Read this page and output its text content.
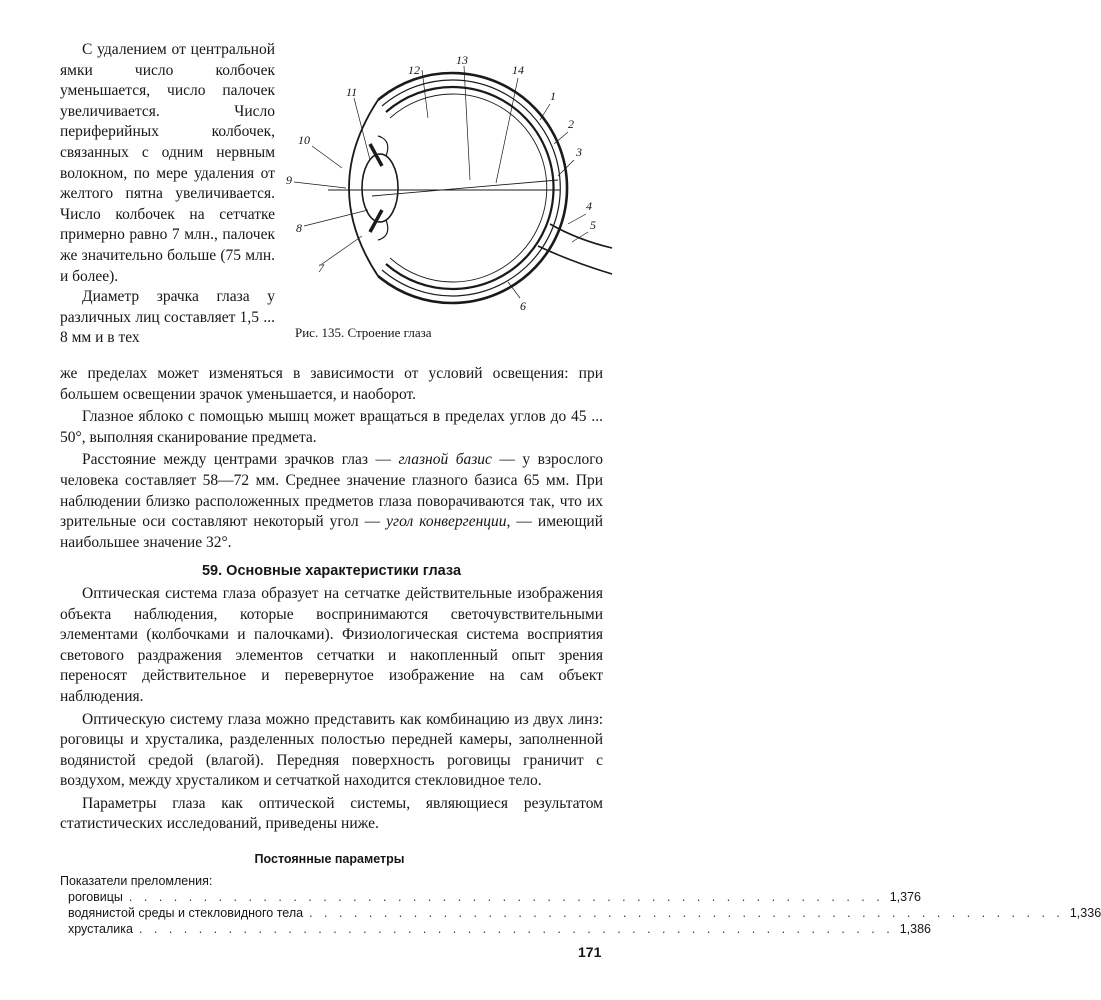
С удалением от центральной ямки число колбочек уменьшается, число палочек увеличивается. Число периферийных колбочек, связанных с одним нервным волокном, по мере удаления от желтого пятна увеличивается. Число колбочек на сетчатке примерно равно 7 млн., палочек же значительно больше (75 млн. и более).

Диаметр зрачка глаза у различных лиц составляет 1,5 ... 8 мм и в тех

1
2
3
4
5
6
7
8
9
10
11
12
13
14
Рис. 135. Строение глаза

же пределах может изменяться в зависимости от условий освещения: при большем освещении зрачок уменьшается, и наоборот.

Глазное яблоко с помощью мышц может вращаться в пределах углов до 45 ... 50°, выполняя сканирование предмета.

Расстояние между центрами зрачков глаз — глазной базис — у взрослого человека составляет 58—72 мм. Среднее значение глазного базиса 65 мм. При наблюдении близко расположенных предметов глаза поворачиваются так, что их зрительные оси составляют некоторый угол — угол конвергенции, — имеющий наибольшее значение 32°.

59. Основные характеристики глаза

Оптическая система глаза образует на сетчатке действительные изображения объекта наблюдения, которые воспринимаются светочувствительными элементами (колбочками и палочками). Физиологическая система восприятия светового раздражения элементов сетчатки и накопленный опыт зрения переносят действительное и перевернутое изображение на сам объект наблюдения.

Оптическую систему глаза можно представить как комбинацию из двух линз: роговицы и хрусталика, разделенных полостью передней камеры, заполненной водянистой средой (влагой). Передняя поверхность роговицы граничит с воздухом, между хрусталиком и сетчаткой находится стекловидное тело.

Параметры глаза как оптической системы, являющиеся результатом статистических исследований, приведены ниже.

Постоянные параметры
Показатели преломления:
роговицы . . . . . . . . . . . . . . . . . . . . . . . . . . . . . . . . . . . . . . . . . . . . . . . . . . . 1,376
водянистой среды и стекловидного тела . . . . . . . . . . . . . . . . . . . . . . . . . . . . . . . . . . . . . . . . . . . . . . . . . . . 1,336
хрусталика . . . . . . . . . . . . . . . . . . . . . . . . . . . . . . . . . . . . . . . . . . . . . . . . . . . 1,386
171
